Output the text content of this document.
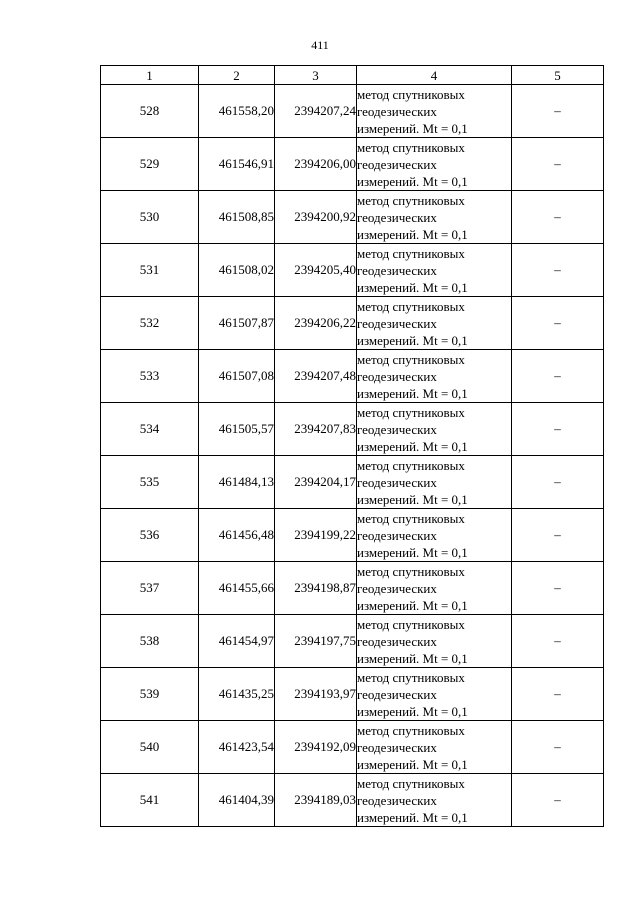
411
1	2	3	4	5
528	461558,20	2394207,24	метод спутниковых
геодезических
измерений. Mt = 0,1	–
529	461546,91	2394206,00	метод спутниковых
геодезических
измерений. Mt = 0,1	–
530	461508,85	2394200,92	метод спутниковых
геодезических
измерений. Mt = 0,1	–
531	461508,02	2394205,40	метод спутниковых
геодезических
измерений. Mt = 0,1	–
532	461507,87	2394206,22	метод спутниковых
геодезических
измерений. Mt = 0,1	–
533	461507,08	2394207,48	метод спутниковых
геодезических
измерений. Mt = 0,1	–
534	461505,57	2394207,83	метод спутниковых
геодезических
измерений. Mt = 0,1	–
535	461484,13	2394204,17	метод спутниковых
геодезических
измерений. Mt = 0,1	–
536	461456,48	2394199,22	метод спутниковых
геодезических
измерений. Mt = 0,1	–
537	461455,66	2394198,87	метод спутниковых
геодезических
измерений. Mt = 0,1	–
538	461454,97	2394197,75	метод спутниковых
геодезических
измерений. Mt = 0,1	–
539	461435,25	2394193,97	метод спутниковых
геодезических
измерений. Mt = 0,1	–
540	461423,54	2394192,09	метод спутниковых
геодезических
измерений. Mt = 0,1	–
541	461404,39	2394189,03	метод спутниковых
геодезических
измерений. Mt = 0,1	–
